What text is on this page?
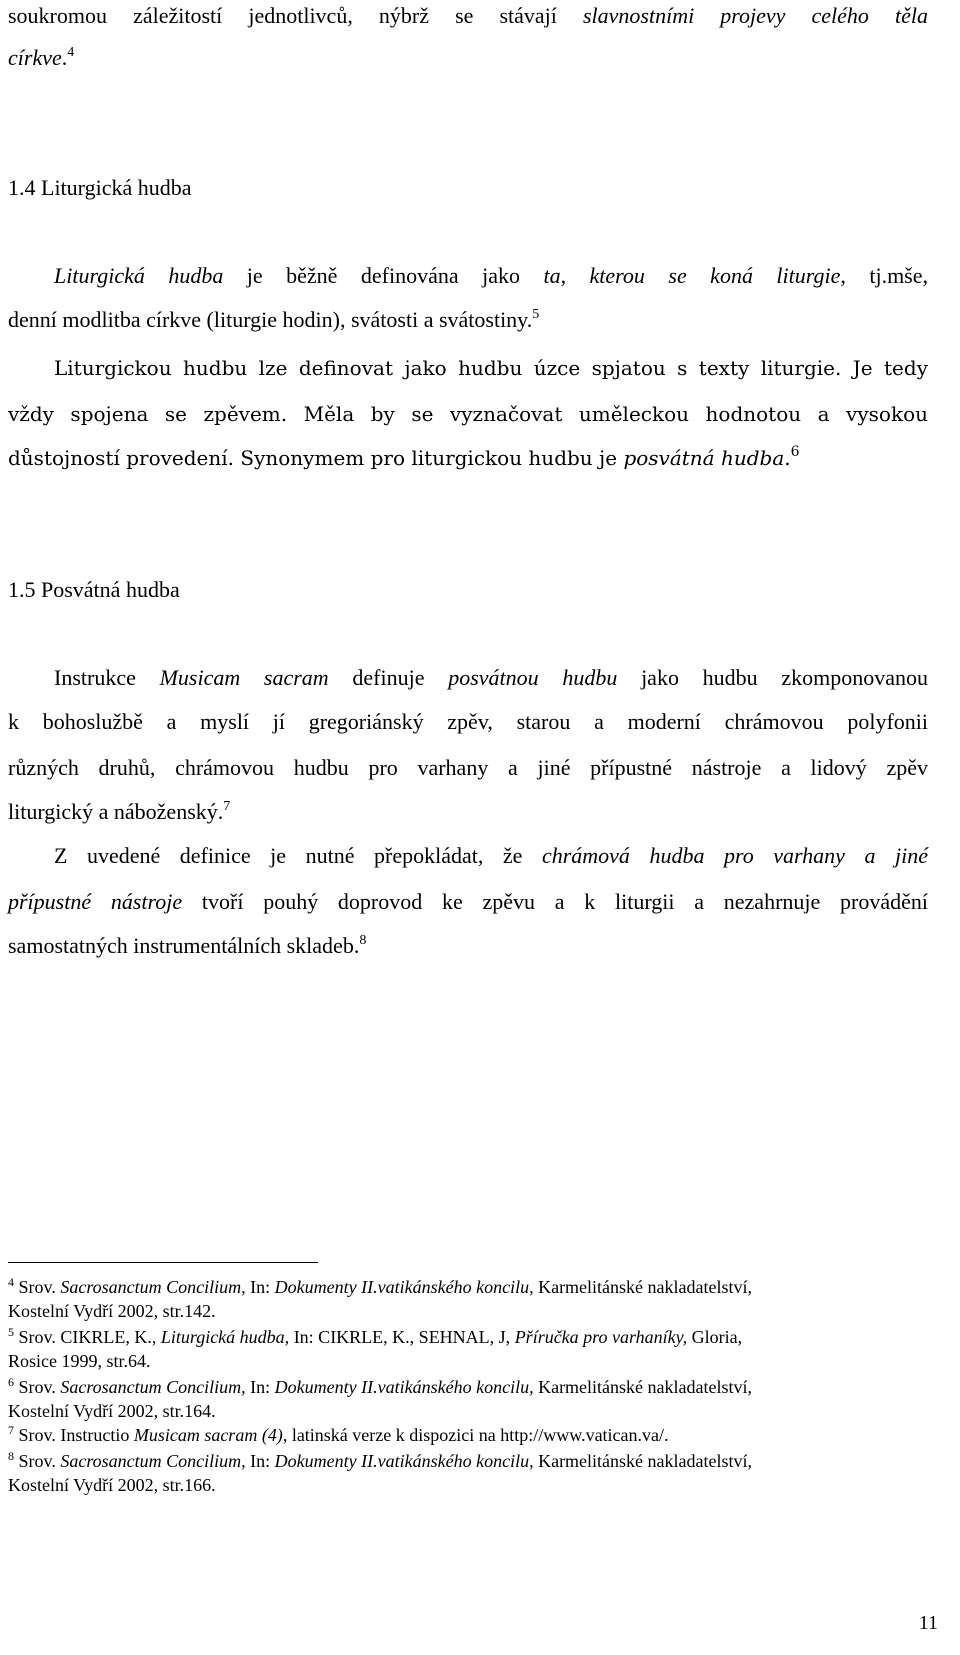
soukromou záležitostí jednotlivců, nýbrž se stávají slavnostními projevy celého těla
církve.$^4$
1.4 Liturgická hudba
Liturgická hudba je běžně definována jako ta, kterou se koná liturgie, tj.mše,
denní modlitba církve (liturgie hodin), svátosti a svátostiny.$^5$
Liturgickou hudbu lze definovat jako hudbu úzce spjatou s texty liturgie. Je tedy
vždy spojena se zpěvem. Měla by se vyznačovat uměleckou hodnotou a vysokou
důstojností provedení. Synonymem pro liturgickou hudbu je posvátná hudba.$^6$
1.5 Posvátná hudba
Instrukce Musicam sacram definuje posvátnou hudbu jako hudbu zkomponovanou
k bohoslužbě a myslí jí gregoriánský zpěv, starou a moderní chrámovou polyfonii
různých druhů, chrámovou hudbu pro varhany a jiné přípustné nástroje a lidový zpěv
liturgický a náboženský.$^7$
Z uvedené definice je nutné přepokládat, že chrámová hudba pro varhany a jiné
přípustné nástroje tvoří pouhý doprovod ke zpěvu a k liturgii a nezahrnuje provádění
samostatných instrumentálních skladeb.$^8$
$^4$ Srov. Sacrosanctum Concilium, In: Dokumenty II.vatikánského koncilu, Karmelitánské nakladatelství,
Kostelní Vydří 2002, str.142.
$^5$ Srov. CIKRLE, K., Liturgická hudba, In: CIKRLE, K., SEHNAL, J, Příručka pro varhaníky, Gloria,
Rosice 1999, str.64.
$^6$ Srov. Sacrosanctum Concilium, In: Dokumenty II.vatikánského koncilu, Karmelitánské nakladatelství,
Kostelní Vydří 2002, str.164.
$^7$ Srov. Instructio Musicam sacram (4), latinská verze k dispozici na http://www.vatican.va/.
$^8$ Srov. Sacrosanctum Concilium, In: Dokumenty II.vatikánského koncilu, Karmelitánské nakladatelství,
Kostelní Vydří 2002, str.166.
11
